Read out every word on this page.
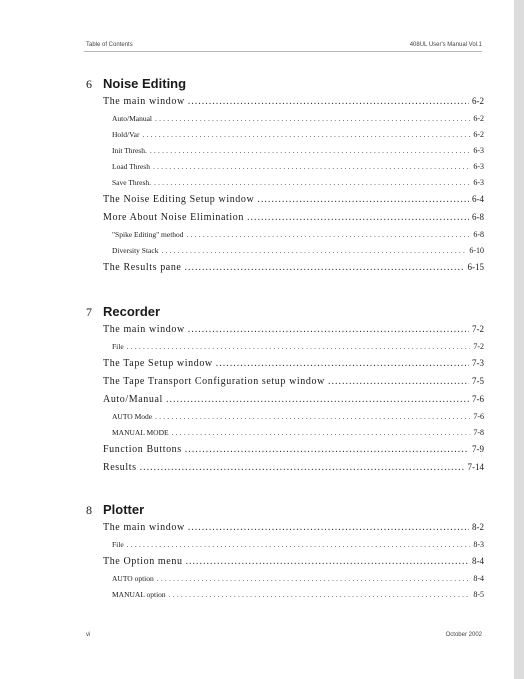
Table of Contents	408UL User's Manual Vol.1
6 Noise Editing
The main window .....	6-2
Auto/Manual .....	6-2
Hold/Var .....	6-2
Init Thresh. .....	6-3
Load Thresh .....	6-3
Save Thresh. .....	6-3
The Noise Editing Setup window .....	6-4
More About Noise Elimination .....	6-8
"Spike Editing" method .....	6-8
Diversity Stack .....	6-10
The Results pane .....	6-15
7 Recorder
The main window .....	7-2
File .....	7-2
The Tape Setup window .....	7-3
The Tape Transport Configuration setup window .....	7-5
Auto/Manual .....	7-6
AUTO Mode .....	7-6
MANUAL MODE .....	7-8
Function Buttons .....	7-9
Results .....	7-14
8 Plotter
The main window .....	8-2
File .....	8-3
The Option menu .....	8-4
AUTO option .....	8-4
MANUAL option .....	8-5
vi	October 2002
